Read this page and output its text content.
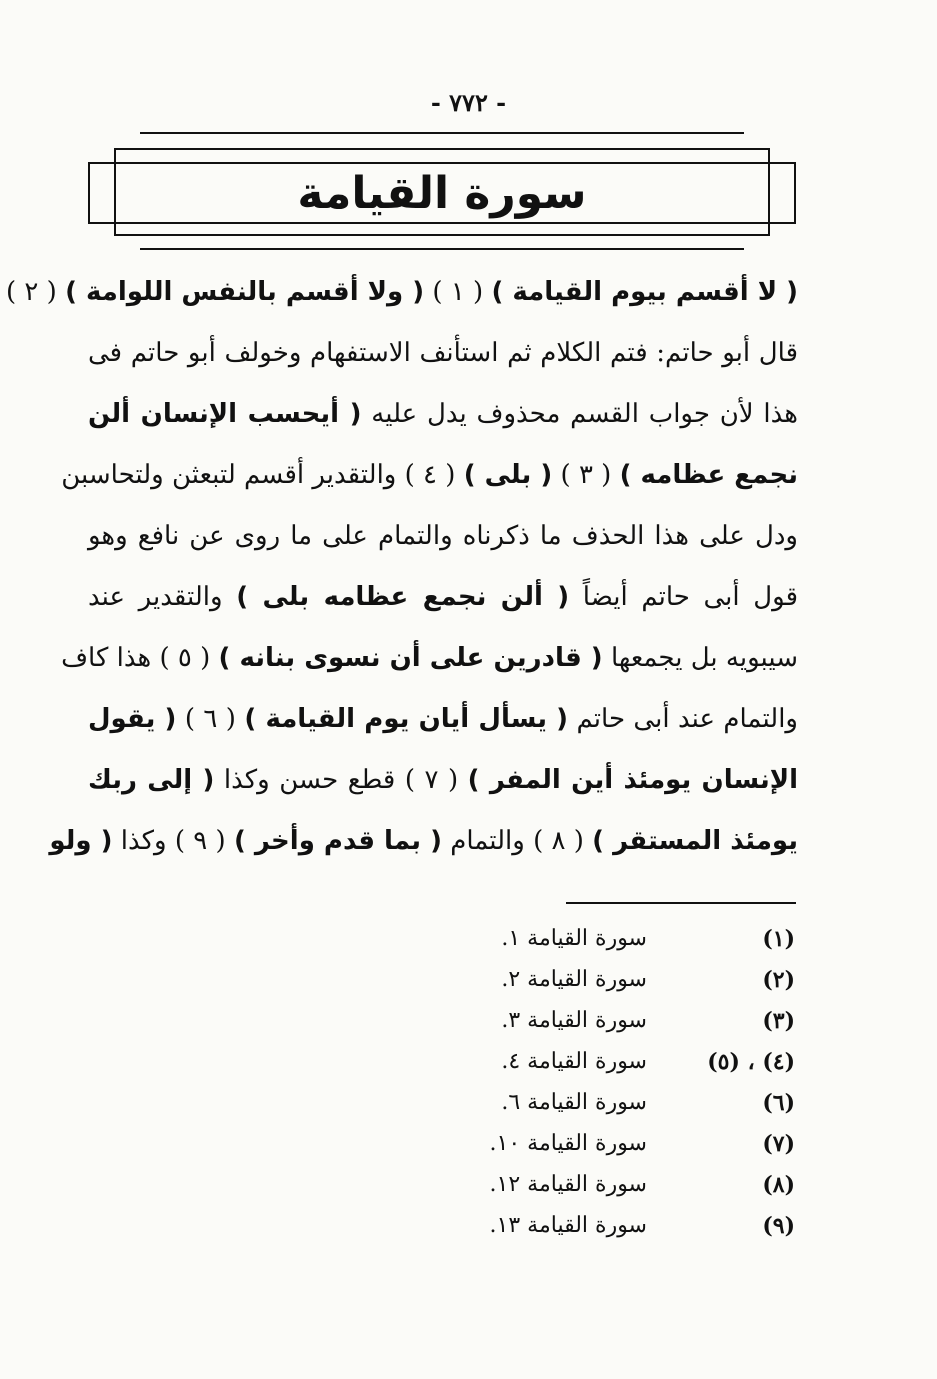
- ٧٧٢ -
سورة القيامة
( لا أقسم بيوم القيامة ) ( ١ ) ( ولا أقسم بالنفس اللوامة ) ( ٢ )
قال أبو حاتم: فتم الكلام ثم استأنف الاستفهام وخولف أبو حاتم فى
هذا لأن جواب القسم محذوف يدل عليه ( أيحسب الإنسان ألن
نجمع عظامه ) ( ٣ ) ( بلى ) ( ٤ ) والتقدير أقسم لتبعثن ولتحاسبن
ودل على هذا الحذف ما ذكرناه والتمام على ما روى عن نافع وهو
قول أبى حاتم أيضاً ( ألن نجمع عظامه بلى ) والتقدير عند
سيبويه بل يجمعها ( قادرين على أن نسوى بنانه ) ( ٥ ) هذا كاف
والتمام عند أبى حاتم ( يسأل أيان يوم القيامة ) ( ٦ ) ( يقول
الإنسان يومئذ أين المفر ) ( ٧ ) قطع حسن وكذا ( إلى ربك
يومئذ المستقر ) ( ٨ ) والتمام ( بما قدم وأخر ) ( ٩ ) وكذا ( ولو
(١)
سورة القيامة ١.
(٢)
سورة القيامة ٢.
(٣)
سورة القيامة ٣.
(٤) ، (٥)
سورة القيامة ٤.
(٦)
سورة القيامة ٦.
(٧)
سورة القيامة ١٠.
(٨)
سورة القيامة ١٢.
(٩)
سورة القيامة ١٣.
